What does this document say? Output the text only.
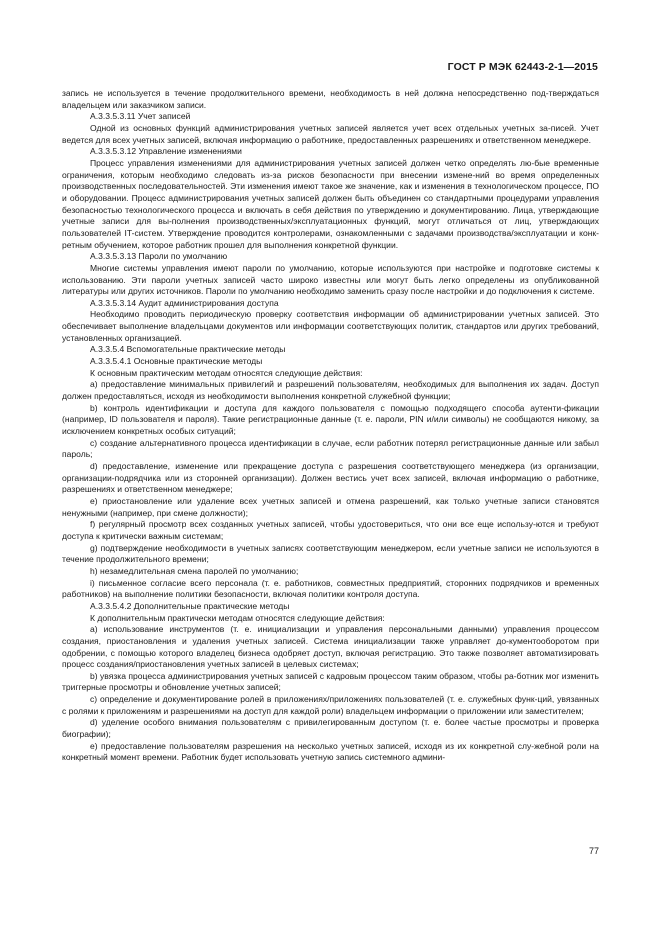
ГОСТ Р МЭК 62443-2-1—2015

запись не используется в течение продолжительного времени, необходимость в ней должна непосредственно под-тверждаться владельцем или заказчиком записи.

А.3.3.5.3.11 Учет записей

Одной из основных функций администрирования учетных записей является учет всех отдельных учетных за-писей. Учет ведется для всех учетных записей, включая информацию о работнике, предоставленных разрешениях и ответственном менеджере.

А.3.3.5.3.12 Управление изменениями

Процесс управления изменениями для администрирования учетных записей должен четко определять лю-бые временные ограничения, которым необходимо следовать из-за рисков безопасности при внесении измене-ний во время определенных производственных последовательностей. Эти изменения имеют такое же значение, как и изменения в технологическом процессе, ПО и оборудовании. Процесс администрирования учетных записей должен быть объединен со стандартными процедурами управления безопасностью технологического процесса и включать в себя действия по утверждению и документированию. Лица, утверждающие учетные записи для вы-полнения производственных/эксплуатационных функций, могут отличаться от лиц, утверждающих пользователей IT-систем. Утверждение проводится контролерами, ознакомленными с задачами производства/эксплуатации и конк-ретным обучением, которое работник прошел для выполнения конкретной функции.

А.3.3.5.3.13 Пароли по умолчанию

Многие системы управления имеют пароли по умолчанию, которые используются при настройке и подготовке системы к использованию. Эти пароли учетных записей часто широко известны или могут быть легко определены из опубликованной литературы или других источников. Пароли по умолчанию необходимо заменить сразу после настройки и до подключения к системе.

А.3.3.5.3.14 Аудит администрирования доступа

Необходимо проводить периодическую проверку соответствия информации об администрировании учетных записей. Это обеспечивает выполнение владельцами документов или информации соответствующих политик, стандартов или других требований, установленных организацией.

А.3.3.5.4 Вспомогательные практические методы

А.3.3.5.4.1 Основные практические методы

К основным практическим методам относятся следующие действия:

a) предоставление минимальных привилегий и разрешений пользователям, необходимых для выполнения их задач. Доступ должен предоставляться, исходя из необходимости выполнения конкретной служебной функции;

b) контроль идентификации и доступа для каждого пользователя с помощью подходящего способа аутенти-фикации (например, ID пользователя и пароля). Такие регистрационные данные (т. е. пароли, PIN и/или символы) не сообщаются никому, за исключением конкретных особых ситуаций;

c) создание альтернативного процесса идентификации в случае, если работник потерял регистрационные данные или забыл пароль;

d) предоставление, изменение или прекращение доступа с разрешения соответствующего менеджера (из организации, организации-подрядчика или из сторонней организации). Должен вестись учет всех записей, включая информацию о работнике, разрешениях и ответственном менеджере;

e) приостановление или удаление всех учетных записей и отмена разрешений, как только учетные записи становятся ненужными (например, при смене должности);

f) регулярный просмотр всех созданных учетных записей, чтобы удостовериться, что они все еще использу-ются и требуют доступа к критически важным системам;

g) подтверждение необходимости в учетных записях соответствующим менеджером, если учетные записи не используются в течение продолжительного времени;

h) незамедлительная смена паролей по умолчанию;

i) письменное согласие всего персонала (т. е. работников, совместных предприятий, сторонних подрядчиков и временных работников) на выполнение политики безопасности, включая политики контроля доступа.

А.3.3.5.4.2 Дополнительные практические методы

К дополнительным практически методам относятся следующие действия:

a) использование инструментов (т. е. инициализации и управления персональными данными) управления процессом создания, приостановления и удаления учетных записей. Система инициализации также управляет до-кументооборотом при одобрении, с помощью которого владелец бизнеса одобряет доступ, включая регистрацию. Это также позволяет автоматизировать процесс создания/приостановления учетных записей в целевых системах;

b) увязка процесса администрирования учетных записей с кадровым процессом таким образом, чтобы ра-ботник мог изменить триггерные просмотры и обновление учетных записей;

c) определение и документирование ролей в приложениях/приложениях пользователей (т. е. служебных функ-ций, увязанных с ролями к приложениям и разрешениями на доступ для каждой роли) владельцем информации о приложении или заместителем;

d) уделение особого внимания пользователям с привилегированным доступом (т. е. более частые просмотры и проверка биографии);

e) предоставление пользователям разрешения на несколько учетных записей, исходя из их конкретной слу-жебной роли на конкретный момент времени. Работник будет использовать учетную запись системного админи-

77
